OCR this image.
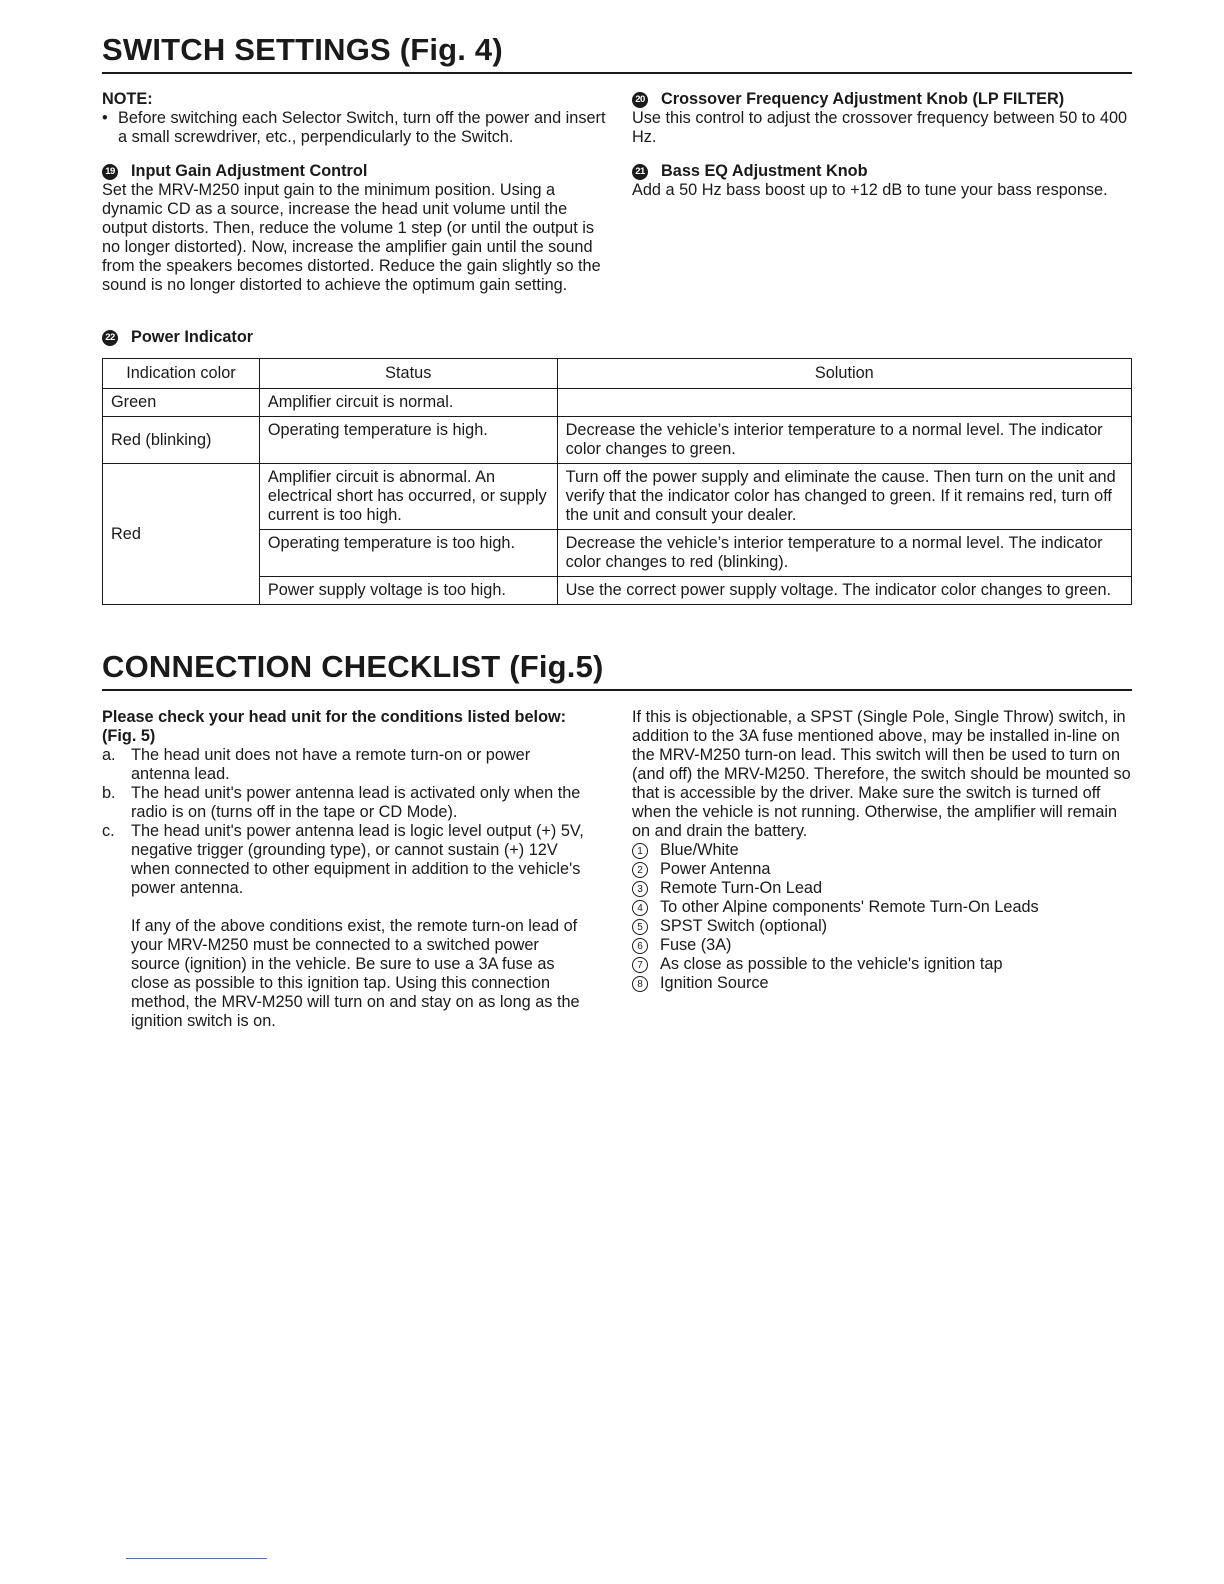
SWITCH SETTINGS (Fig. 4)

NOTE:

• Before switching each Selector Switch, turn off the power and insert a small screwdriver, etc., perpendicularly to the Switch.
19 Input Gain Adjustment Control

Set the MRV-M250 input gain to the minimum position. Using a dynamic CD as a source, increase the head unit volume until the output distorts. Then, reduce the volume 1 step (or until the output is no longer distorted). Now, increase the amplifier gain until the sound from the speakers becomes distorted. Reduce the gain slightly so the sound is no longer distorted to achieve the optimum gain setting.

20 Crossover Frequency Adjustment Knob (LP FILTER)

Use this control to adjust the crossover frequency between 50 to 400 Hz.

21 Bass EQ Adjustment Knob

Add a 50 Hz bass boost up to +12 dB to tune your bass response.

22 Power Indicator
Indication color	Status	Solution
Green	Amplifier circuit is normal.	
Red (blinking)	Operating temperature is high.	Decrease the vehicle’s interior temperature to a normal level. The indicator color changes to green.
Red	Amplifier circuit is abnormal. An electrical short has occurred, or supply current is too high.	Turn off the power supply and eliminate the cause. Then turn on the unit and verify that the indicator color has changed to green. If it remains red, turn off the unit and consult your dealer.
	Operating temperature is too high.	Decrease the vehicle’s interior temperature to a normal level. The indicator color changes to red (blinking).
	Power supply voltage is too high.	Use the correct power supply voltage. The indicator color changes to green.
CONNECTION CHECKLIST (Fig.5)

Please check your head unit for the conditions listed below: (Fig. 5)

a. The head unit does not have a remote turn-on or power antenna lead.
b. The head unit's power antenna lead is activated only when the radio is on (turns off in the tape or CD Mode).
c.	The head unit's power antenna lead is logic level output (+) 5V, negative trigger (grounding type), or cannot sustain (+) 12V when connected to other equipment in addition to the vehicle's power antenna.

If any of the above conditions exist, the remote turn-on lead of your MRV-M250 must be connected to a switched power source (ignition) in the vehicle. Be sure to use a 3A fuse as close as possible to this ignition tap. Using this connection method, the MRV-M250 will turn on and stay on as long as the ignition switch is on.

If this is objectionable, a SPST (Single Pole, Single Throw) switch, in addition to the 3A fuse mentioned above, may be installed in-line on the MRV-M250 turn-on lead. This switch will then be used to turn on (and off) the MRV-M250. Therefore, the switch should be mounted so that is accessible by the driver. Make sure the switch is turned off when the vehicle is not running. Otherwise, the amplifier will remain on and drain the battery.

1	Blue/White
2	Power Antenna
3	Remote Turn-On Lead
4	To other Alpine components' Remote Turn-On Leads
5	SPST Switch (optional)
6	Fuse (3A)
7	As close as possible to the vehicle's ignition tap
8	Ignition Source
